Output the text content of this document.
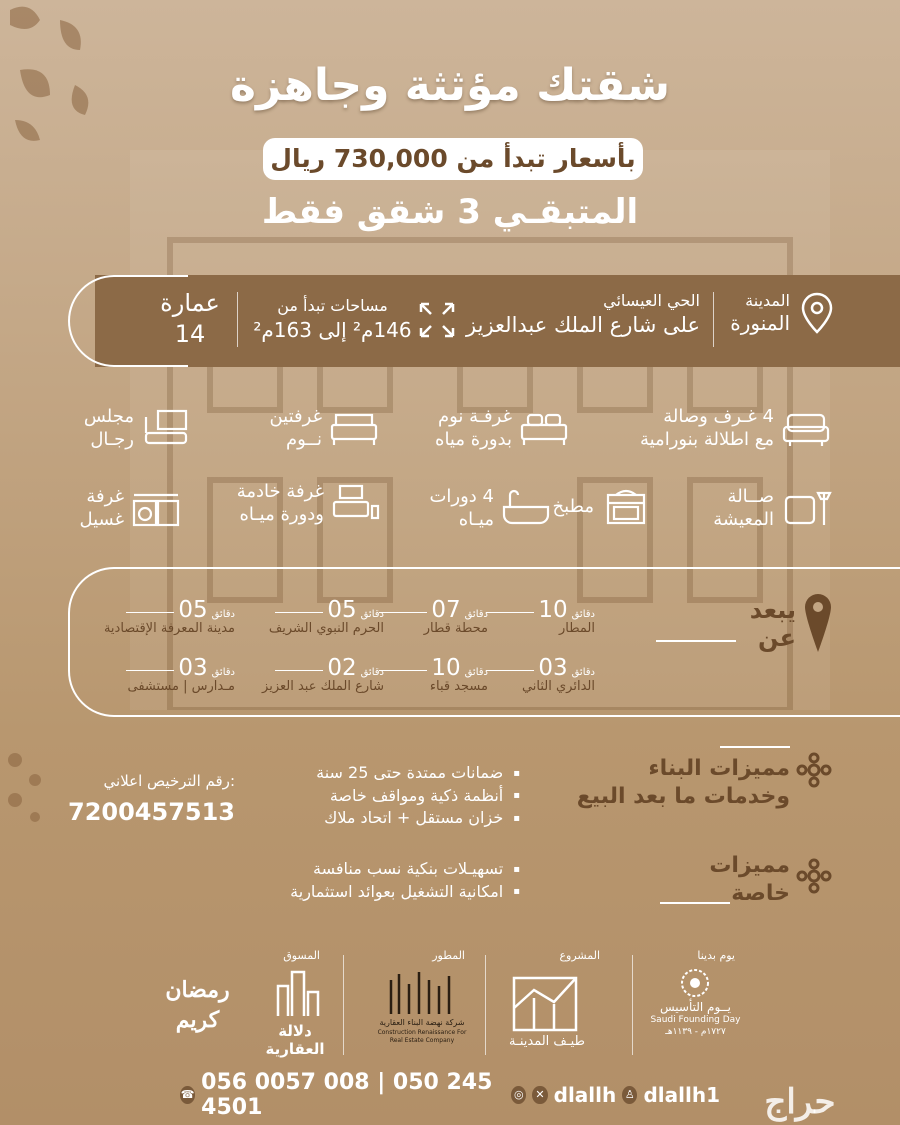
شقتك مؤثثة وجاهزة
بأسعار تبدأ من 730,000 ريال
المتبقـي 3 شقق فقط
المدينة
المنورة
الحي العيسائي
على شارع الملك عبدالعزيز
مساحات تبدأ من
146م² إلى 163م²
عمارة
14
4 غـرف وصالة
مع اطلالة بنورامية
غرفـة نوم
بدورة مياه
غرفتين
نــوم
مجلس
رجـال
صــالة
المعيشة
مطبخ
4 دورات
ميـاه
غرفة خادمة
ودورة ميـاه
غرفة
غسيل
يبعد
عن
دقائق10
المطار
دقائق07
محطة قطار
دقائق05
الحرم النبوي الشريف
دقائق05
مدينة المعرفة الإقتصادية
دقائق03
الدائري الثاني
دقائق10
مسجد قباء
دقائق02
شارع الملك عبد العزيز
دقائق03
مـدارس | مستشفى
مميزات البناء
وخدمات ما بعد البيع
▪ ضمانات ممتدة حتى 25 سنة
▪ أنظمة ذكية ومواقف خاصة
▪ خزان مستقل + اتحاد ملاك
رقم الترخيص اعلاني:
7200457513
مميزات
خاصة
▪ تسهيـلات بنكية نسب منافسة
▪ امكانية التشغيل بعوائد استثمارية
يوم بدينا
يــوم التأسيس
Saudi Founding Day
١٧٢٧م - ١١٣٩هـ
المشروع
طيـف المدينـة
المطور
شركة نهضة البناء العقارية
Construction Renaissance For Real Estate Company
المسوق
دلالة العقارية
رمضان كريم
☎ 056 0057 008 | 050 245 4501
◎ ✕ dlallh ♙ dlallh1	حراج
